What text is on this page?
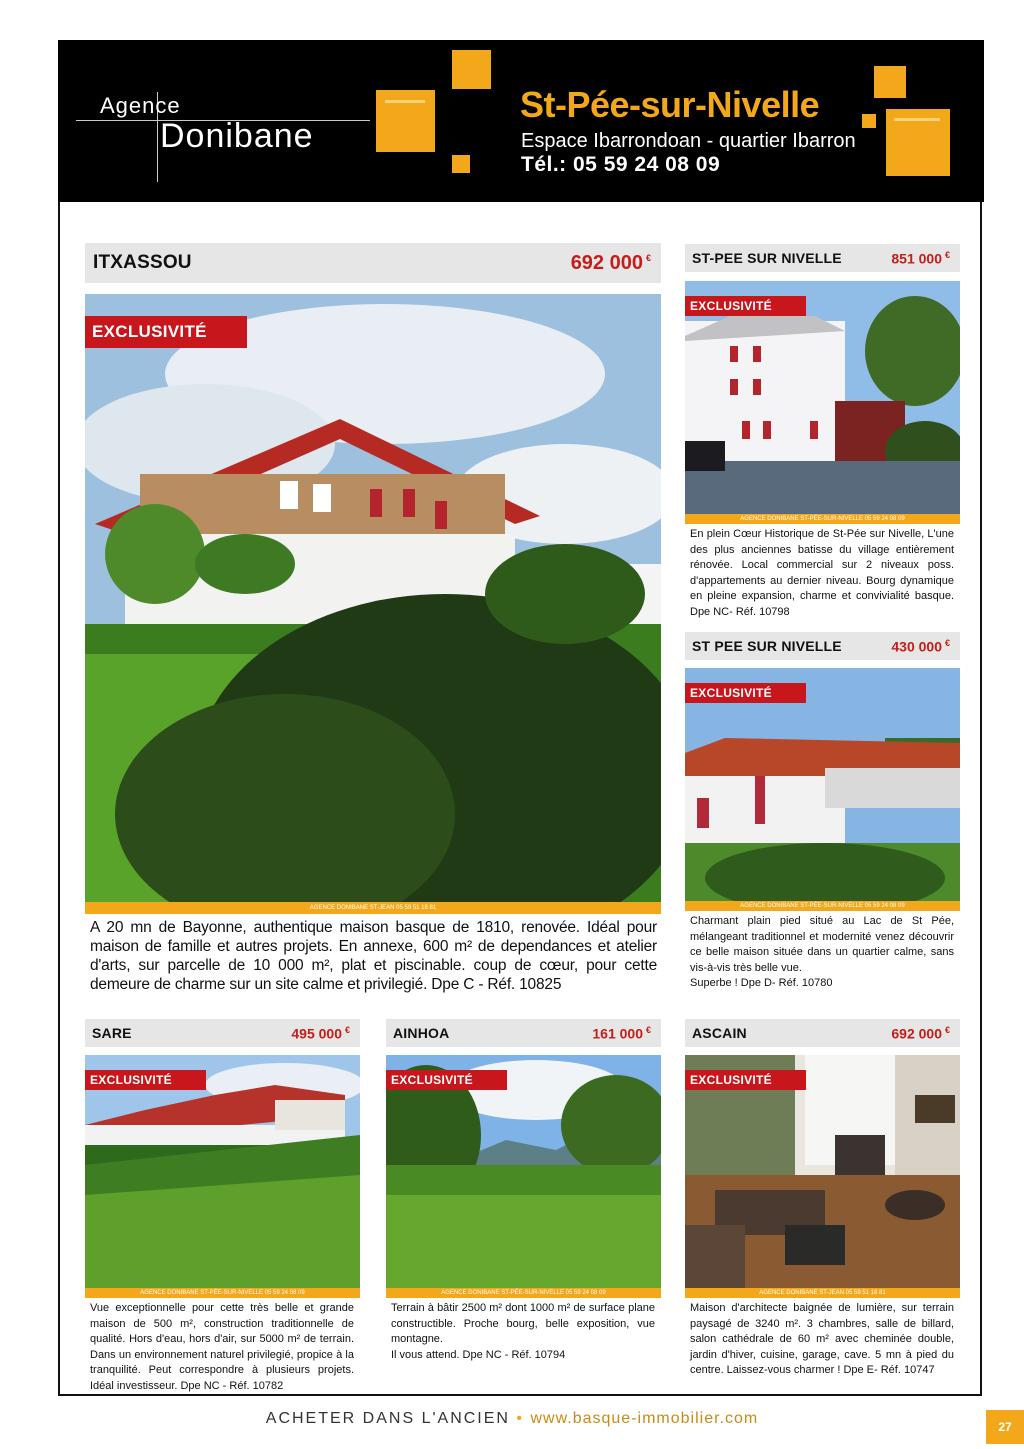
Agence
Donibane
St-Pée-sur-Nivelle
Espace Ibarrondoan - quartier Ibarron
Tél.: 05 59 24 08 09
ITXASSOU	692 000 €
EXCLUSIVITÉ
AGENCE DONIBANE ST-JEAN 05 59 51 18 81
A 20 mn de Bayonne, authentique maison basque de 1810, renovée. Idéal pour maison de famille et autres projets. En annexe, 600 m² de dependances et atelier d'arts, sur parcelle de 10 000 m², plat et piscinable. coup de cœur, pour cette demeure de charme sur un site calme et privilegié. Dpe C - Réf. 10825
ST-PEE SUR NIVELLE	851 000 €
EXCLUSIVITÉ
AGENCE DONIBANE ST-PÉE-SUR-NIVELLE 05 59 24 08 09
En plein Cœur Historique de St-Pée sur Nivelle, L'une des plus anciennes batisse du village entièrement rénovée. Local commercial sur 2 niveaux poss. d'appartements au dernier niveau. Bourg dynamique en pleine expansion, charme et convivialité basque. Dpe NC- Réf. 10798
ST PEE SUR NIVELLE	430 000 €
EXCLUSIVITÉ
AGENCE DONIBANE ST-PÉE-SUR-NIVELLE 05 59 24 08 09
Charmant plain pied situé au Lac de St Pée, mélangeant traditionnel et modernité venez découvrir ce belle maison située dans un quartier calme, sans vis-à-vis très belle vue.
Superbe ! Dpe D- Réf. 10780
SARE	495 000 €
EXCLUSIVITÉ
AGENCE DONIBANE ST-PÉE-SUR-NIVELLE 05 59 24 08 09
Vue exceptionnelle pour cette très belle et grande maison de 500 m², construction traditionnelle de qualité. Hors d'eau, hors d'air, sur 5000 m² de terrain. Dans un environnement naturel privilegié, propice à la tranquilité. Peut correspondre à plusieurs projets. Idéal investisseur. Dpe NC - Réf. 10782
AINHOA	161 000 €
EXCLUSIVITÉ
AGENCE DONIBANE ST-PÉE-SUR-NIVELLE 05 59 24 08 09
Terrain à bâtir 2500 m² dont 1000 m² de surface plane constructible. Proche bourg, belle exposition, vue montagne.
Il vous attend. Dpe NC - Réf. 10794
ASCAIN	692 000 €
EXCLUSIVITÉ
AGENCE DONIBANE ST-JEAN 05 59 51 18 81
Maison d'architecte baignée de lumière, sur terrain paysagé de 3240 m². 3 chambres, salle de billard, salon cathédrale de 60 m² avec cheminée double, jardin d'hiver, cuisine, garage, cave. 5 mn à pied du centre. Laissez-vous charmer ! Dpe E- Réf. 10747
ACHETER DANS L'ANCIEN • www.basque-immobilier.com	27
